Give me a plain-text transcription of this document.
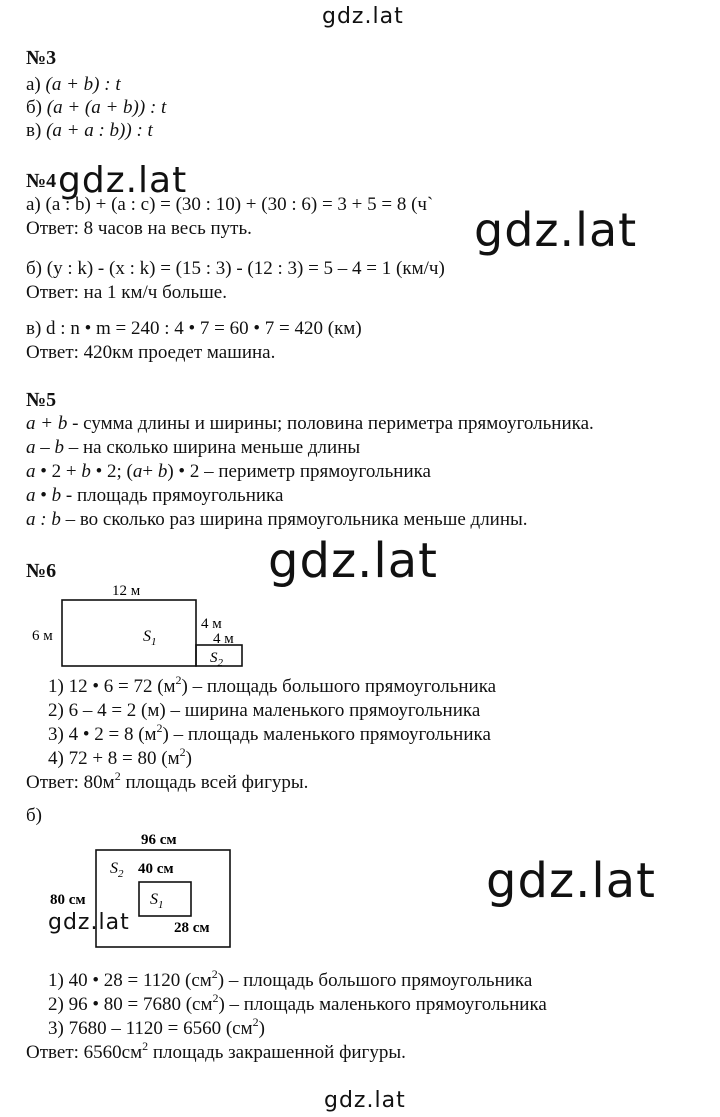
gdz.lat
gdz.lat
gdz.lat
gdz.lat
gdz.lat
gdz.lat
gdz.lat
№3
а) (a + b) : t
б) (a + (a + b)) : t
в) (a + a : b)) : t
№4
а) (a : b) + (a : c) = (30 : 10) + (30 : 6) = 3 + 5 = 8 (ч`
Ответ: 8 часов на весь путь.
б) (y : k) - (x : k) = (15 : 3) - (12 : 3) = 5 – 4 = 1 (км/ч)
Ответ: на 1 км/ч больше.
в) d : n • m = 240 : 4 • 7 = 60 • 7 = 420 (км)
Ответ: 420км проедет машина.
№5
a + b - сумма длины и ширины; половина периметра прямоугольника.
a – b – на сколько ширина меньше длины
a • 2 + b • 2; (a+ b) • 2 – периметр прямоугольника
a • b - площадь прямоугольника
a : b – во сколько раз ширина прямоугольника меньше длины.
№6
12 м
6 м	$S_1$
4 м
4 м
$S_2$
1) 12 • 6 = 72 $(м^2)$ – площадь большого прямоугольника
2) 6 – 4 = 2 (м) – ширина маленького прямоугольника
3) 4 • 2 = 8 $(м^2)$ – площадь маленького прямоугольника
4) 72 + 8 = 80 $(м^2)$
Ответ: $80м^2$ площадь всей фигуры.
б)
96 см
80 см
$S_2$ 40 см
$S_1$
28 см
1) 40 • 28 = 1120 $(см^2)$ – площадь большого прямоугольника
2) 96 • 80 = 7680 $(см^2)$ – площадь маленького прямоугольника
3) 7680 – 1120 = 6560 $(см^2)$
Ответ: $6560см^2$ площадь закрашенной фигуры.
